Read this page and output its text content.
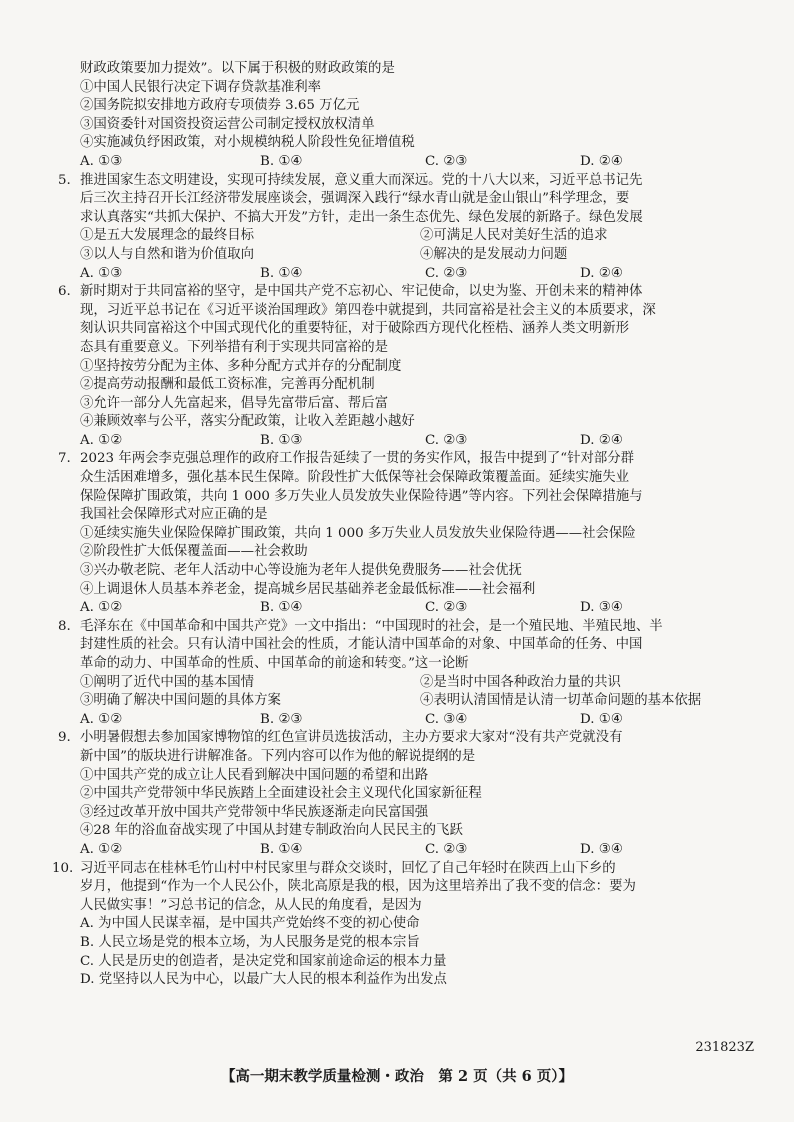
财政政策要加力提效”。以下属于积极的财政政策的是
①中国人民银行决定下调存贷款基准利率
②国务院拟安排地方政府专项债券 3.65 万亿元
③国资委针对国资投资运营公司制定授权放权清单
④实施减负纾困政策，对小规模纳税人阶段性免征增值税
A. ①③	B. ①④	C. ②③	D. ②④
5. 推进国家生态文明建设，实现可持续发展，意义重大而深远。党的十八大以来，习近平总书记先
后三次主持召开长江经济带发展座谈会，强调深入践行“绿水青山就是金山银山”科学理念，要
求认真落实“共抓大保护、不搞大开发”方针，走出一条生态优先、绿色发展的新路子。绿色发展
①是五大发展理念的最终目标	②可满足人民对美好生活的追求
③以人与自然和谐为价值取向	④解决的是发展动力问题
A. ①③	B. ①④	C. ②③	D. ②④
6. 新时期对于共同富裕的坚守，是中国共产党不忘初心、牢记使命，以史为鉴、开创未来的精神体
现，习近平总书记在《习近平谈治国理政》第四卷中就提到，共同富裕是社会主义的本质要求，深
刻认识共同富裕这个中国式现代化的重要特征，对于破除西方现代化桎梏、涵养人类文明新形
态具有重要意义。下列举措有利于实现共同富裕的是
①坚持按劳分配为主体、多种分配方式并存的分配制度
②提高劳动报酬和最低工资标准，完善再分配机制
③允许一部分人先富起来，倡导先富带后富、帮后富
④兼顾效率与公平，落实分配政策，让收入差距越小越好
A. ①②	B. ①③	C. ②③	D. ②④
7. 2023 年两会李克强总理作的政府工作报告延续了一贯的务实作风，报告中提到了“针对部分群
众生活困难增多，强化基本民生保障。阶段性扩大低保等社会保障政策覆盖面。延续实施失业
保险保障扩围政策，共向 1 000 多万失业人员发放失业保险待遇”等内容。下列社会保障措施与
我国社会保障形式对应正确的是
①延续实施失业保险保障扩围政策，共向 1 000 多万失业人员发放失业保险待遇——社会保险
②阶段性扩大低保覆盖面——社会救助
③兴办敬老院、老年人活动中心等设施为老年人提供免费服务——社会优抚
④上调退休人员基本养老金，提高城乡居民基础养老金最低标准——社会福利
A. ①②	B. ①④	C. ②③	D. ③④
8. 毛泽东在《中国革命和中国共产党》一文中指出：“中国现时的社会，是一个殖民地、半殖民地、半
封建性质的社会。只有认清中国社会的性质，才能认清中国革命的对象、中国革命的任务、中国
革命的动力、中国革命的性质、中国革命的前途和转变。”这一论断
①阐明了近代中国的基本国情	②是当时中国各种政治力量的共识
③明确了解决中国问题的具体方案	④表明认清国情是认清一切革命问题的基本依据
A. ①②	B. ②③	C. ③④	D. ①④
9. 小明暑假想去参加国家博物馆的红色宣讲员选拔活动，主办方要求大家对“没有共产党就没有
新中国”的版块进行讲解准备。下列内容可以作为他的解说提纲的是
①中国共产党的成立让人民看到解决中国问题的希望和出路
②中国共产党带领中华民族踏上全面建设社会主义现代化国家新征程
③经过改革开放中国共产党带领中华民族逐渐走向民富国强
④28 年的浴血奋战实现了中国从封建专制政治向人民民主的飞跃
A. ①②	B. ①④	C. ②③	D. ③④
10. 习近平同志在桂林毛竹山村中村民家里与群众交谈时，回忆了自己年轻时在陕西上山下乡的
岁月，他提到“作为一个人民公仆，陕北高原是我的根，因为这里培养出了我不变的信念：要为
人民做实事！”习总书记的信念，从人民的角度看，是因为
A. 为中国人民谋幸福，是中国共产党始终不变的初心使命
B. 人民立场是党的根本立场，为人民服务是党的根本宗旨
C. 人民是历史的创造者，是决定党和国家前途命运的根本力量
D. 党坚持以人民为中心，以最广大人民的根本利益作为出发点
231823Z
【高一期末教学质量检测・政治　第 2 页（共 6 页）】
